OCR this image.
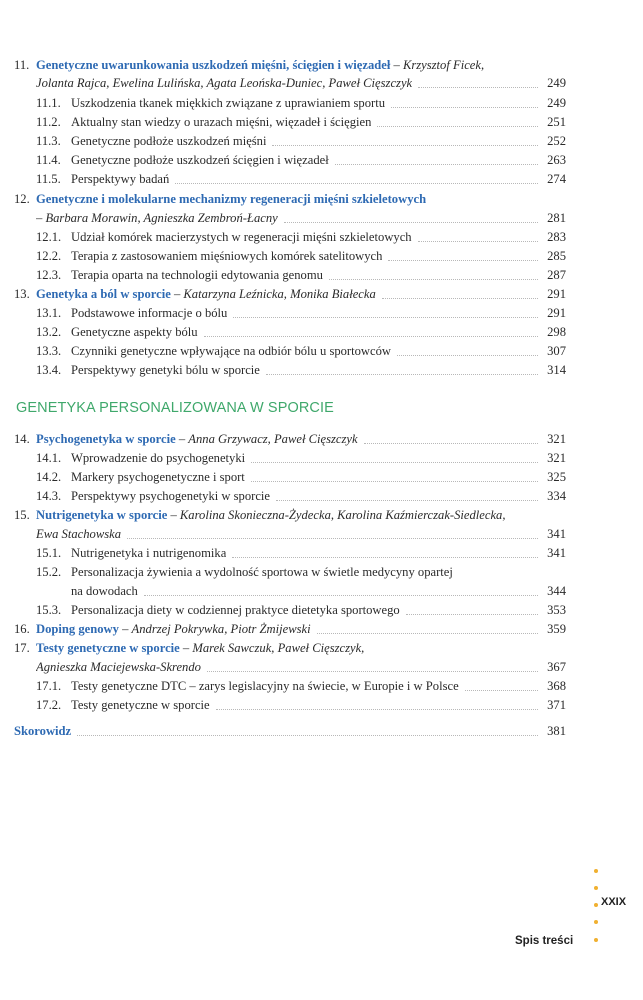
11. Genetyczne uwarunkowania uszkodzeń mięśni, ścięgien i więzadeł – Krzysztof Ficek,
Jolanta Rajca, Ewelina Lulińska, Agata Leońska-Duniec, Paweł Cięszczyk	249
11.1. Uszkodzenia tkanek miękkich związane z uprawianiem sportu	249
11.2. Aktualny stan wiedzy o urazach mięśni, więzadeł i ścięgien	251
11.3. Genetyczne podłoże uszkodzeń mięśni	252
11.4. Genetyczne podłoże uszkodzeń ścięgien i więzadeł	263
11.5. Perspektywy badań	274
12. Genetyczne i molekularne mechanizmy regeneracji mięśni szkieletowych
– Barbara Morawin, Agnieszka Zembroń-Łacny	281
12.1. Udział komórek macierzystych w regeneracji mięśni szkieletowych	283
12.2. Terapia z zastosowaniem mięśniowych komórek satelitowych	285
12.3. Terapia oparta na technologii edytowania genomu	287
13. Genetyka a ból w sporcie – Katarzyna Leźnicka, Monika Białecka	291
13.1. Podstawowe informacje o bólu	291
13.2. Genetyczne aspekty bólu	298
13.3. Czynniki genetyczne wpływające na odbiór bólu u sportowców	307
13.4. Perspektywy genetyki bólu w sporcie	314
GENETYKA PERSONALIZOWANA W SPORCIE
14. Psychogenetyka w sporcie – Anna Grzywacz, Paweł Cięszczyk	321
14.1. Wprowadzenie do psychogenetyki	321
14.2. Markery psychogenetyczne i sport	325
14.3. Perspektywy psychogenetyki w sporcie	334
15. Nutrigenetyka w sporcie – Karolina Skonieczna-Żydecka, Karolina Kaźmierczak-Siedlecka,
Ewa Stachowska	341
15.1. Nutrigenetyka i nutrigenomika	341
15.2. Personalizacja żywienia a wydolność sportowa w świetle medycyny opartej
na dowodach	344
15.3. Personalizacja diety w codziennej praktyce dietetyka sportowego	353
16. Doping genowy – Andrzej Pokrywka, Piotr Żmijewski	359
17. Testy genetyczne w sporcie – Marek Sawczuk, Paweł Cięszczyk,
Agnieszka Maciejewska-Skrendo	367
17.1. Testy genetyczne DTC – zarys legislacyjny na świecie, w Europie i w Polsce	368
17.2. Testy genetyczne w sporcie	371
Skorowidz	381
XXIX
Spis treści
